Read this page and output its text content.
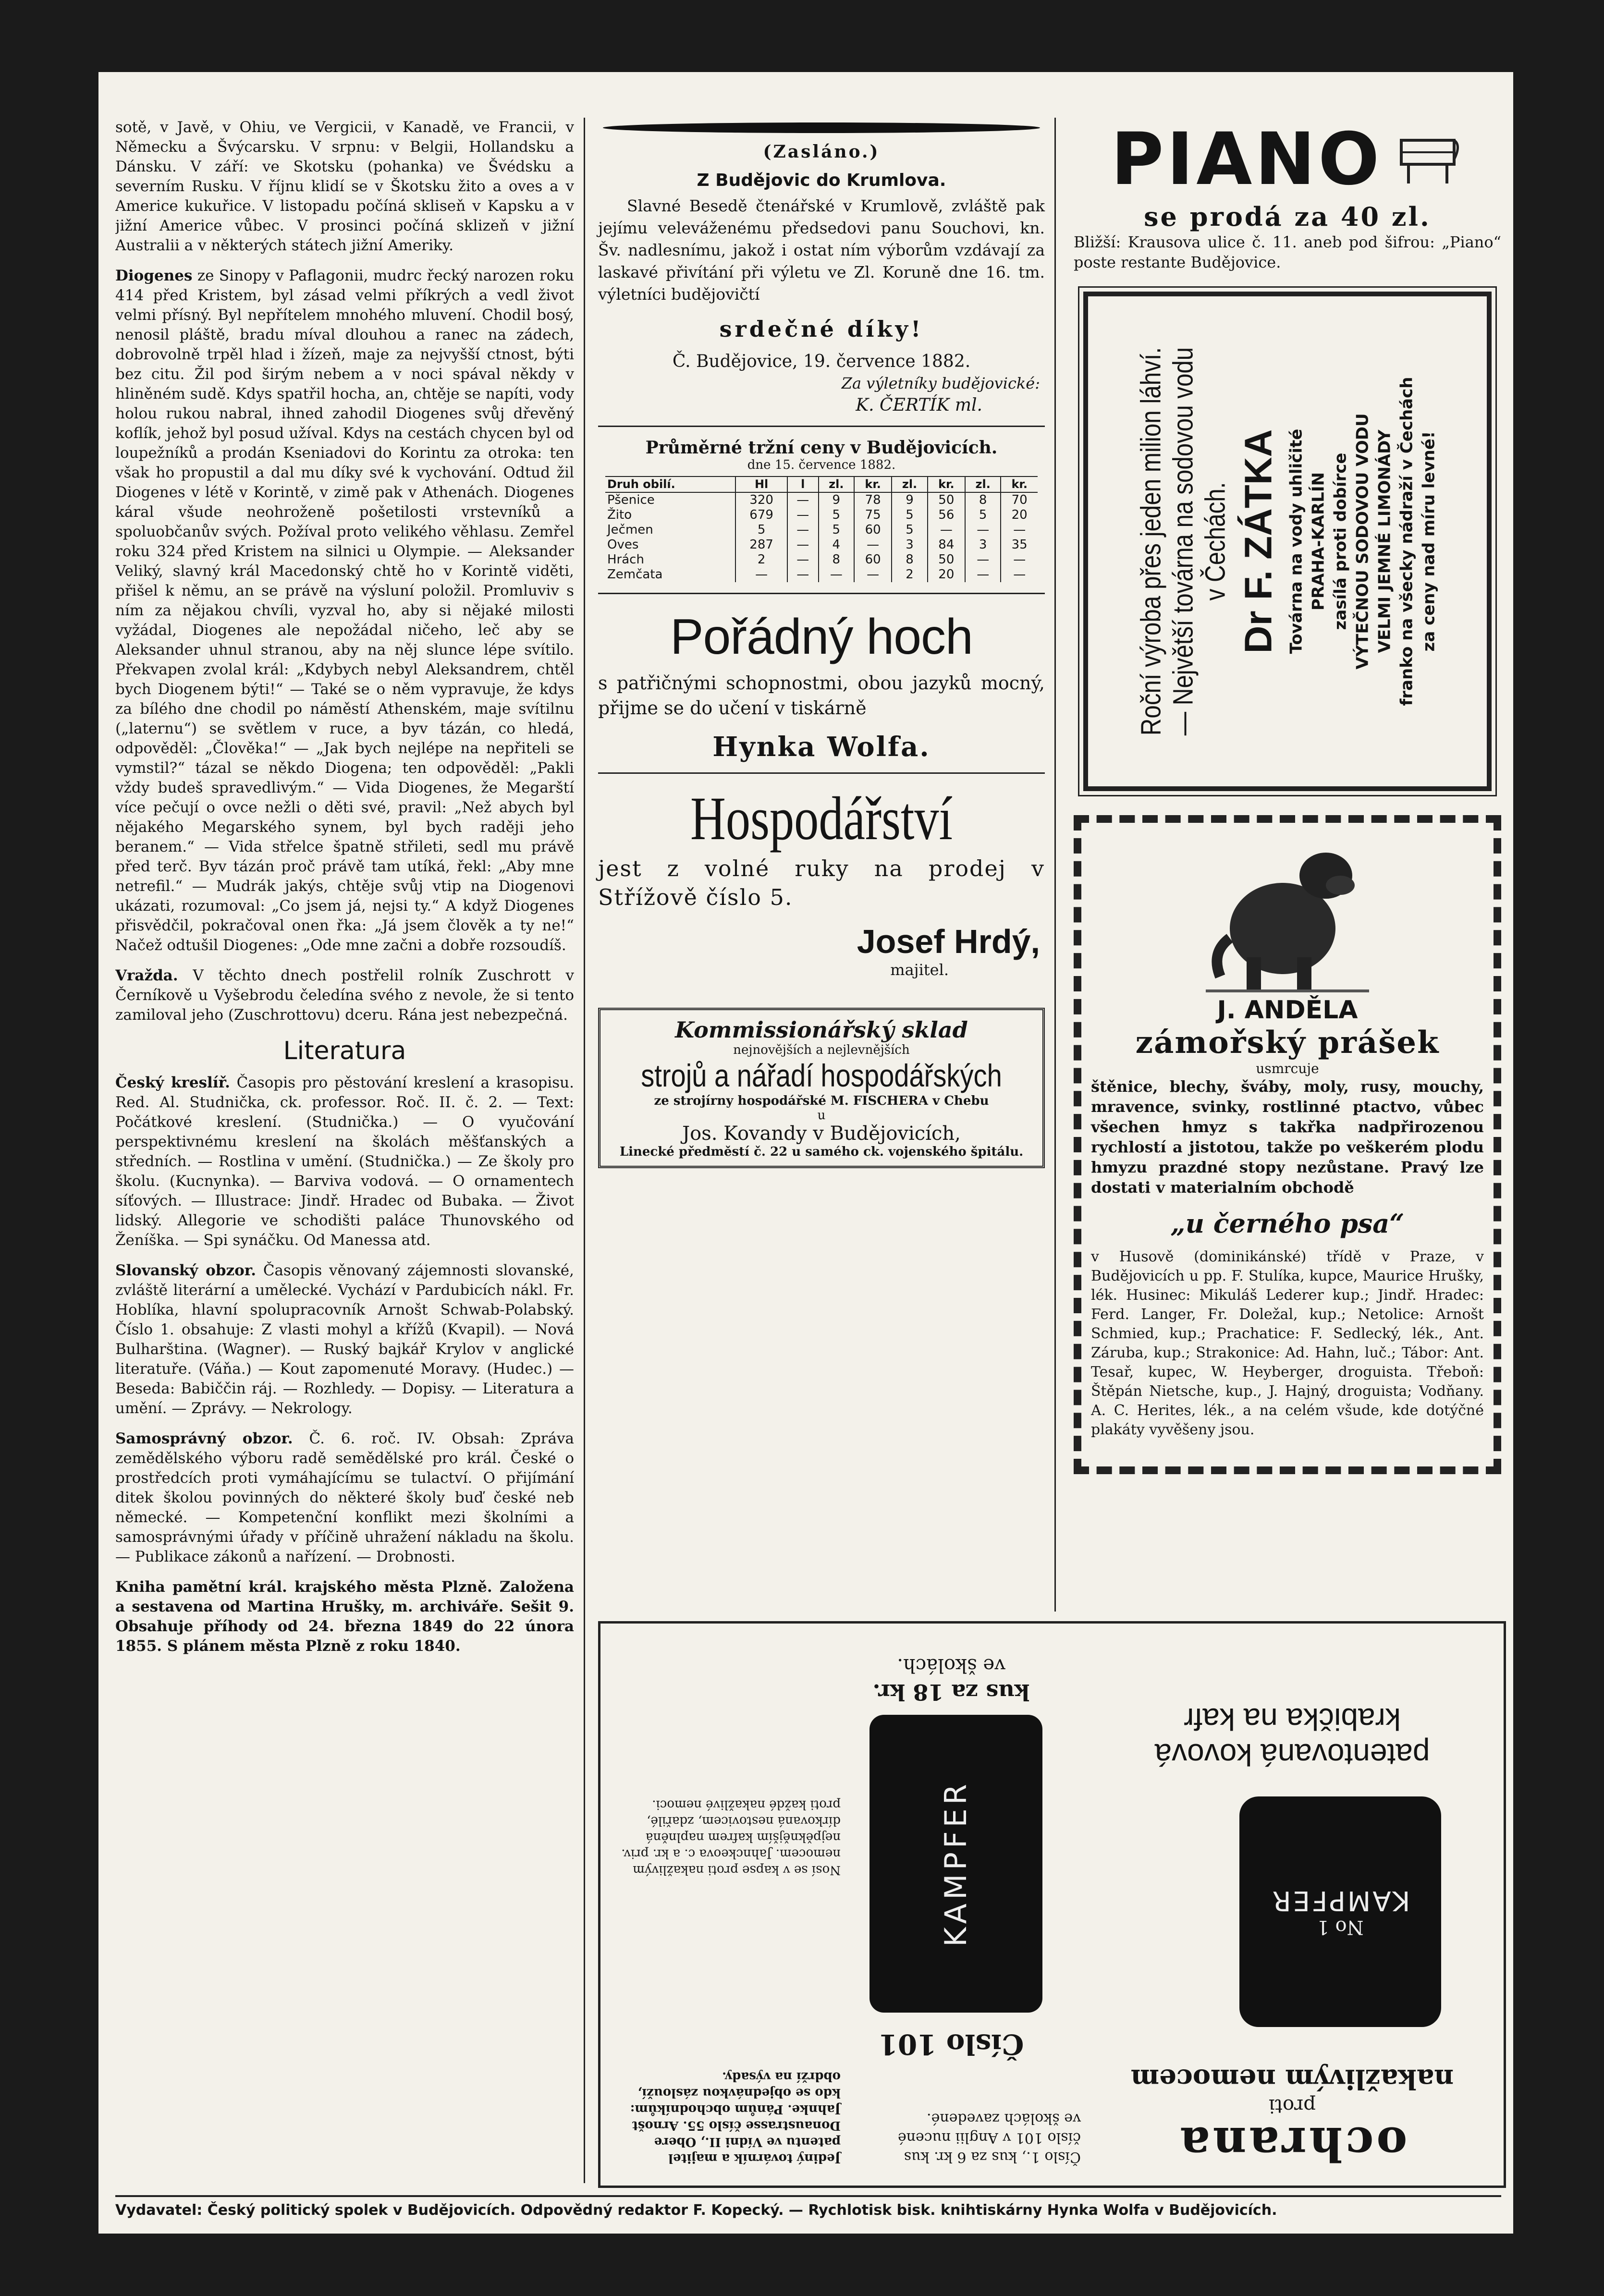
sotě, v Javě, v Ohiu, ve Vergicii, v Kanadě, ve Francii, v Německu a Švýcarsku. V srpnu: v Belgii, Hollandsku a Dánsku. V září: ve Skotsku (pohanka) ve Švédsku a severním Rusku. V říjnu klidí se v Škotsku žito a oves a v Americe kukuřice. V listopadu počíná skliseň v Kapsku a v jižní Americe vůbec. V prosinci počíná sklizeň v jižní Australii a v některých státech jižní Ameriky.

Diogenes ze Sinopy v Paflagonii, mudrc řecký narozen roku 414 před Kristem, byl zásad velmi příkrých a vedl život velmi přísný. Byl nepřítelem mnohého mluvení. Chodil bosý, nenosil pláště, bradu míval dlouhou a ranec na zádech, dobrovolně trpěl hlad i žízeň, maje za nejvyšší ctnost, býti bez citu. Žil pod širým nebem a v noci spával někdy v hliněném sudě. Kdys spatřil hocha, an, chtěje se napíti, vody holou rukou nabral, ihned zahodil Diogenes svůj dřevěný koflík, jehož byl posud užíval. Kdys na cestách chycen byl od loupežníků a prodán Kseniadovi do Korintu za otroka: ten však ho propustil a dal mu díky své k vychování. Odtud žil Diogenes v létě v Korintě, v zimě pak v Athenách. Diogenes káral všude neohroženě pošetilosti vrstevníků a spoluobčanův svých. Požíval proto velikého věhlasu. Zemřel roku 324 před Kristem na silnici u Olympie. — Aleksander Veliký, slavný král Macedonský chtě ho v Korintě viděti, přišel k němu, an se právě na výsluní položil. Promluviv s ním za nějakou chvíli, vyzval ho, aby si nějaké milosti vyžádal, Diogenes ale nepožádal ničeho, leč aby se Aleksander uhnul stranou, aby na něj slunce lépe svítilo. Překvapen zvolal král: „Kdybych nebyl Aleksandrem, chtěl bych Diogenem býti!“ — Také se o něm vypravuje, že kdys za bílého dne chodil po náměstí Athenském, maje svítilnu („laternu“) se světlem v ruce, a byv tázán, co hledá, odpověděl: „Člověka!“ — „Jak bych nejlépe na nepřiteli se vymstil?“ tázal se někdo Diogena; ten odpověděl: „Pakli vždy budeš spravedlivým.“ — Vida Diogenes, že Megarští více pečují o ovce nežli o děti své, pravil: „Než abych byl nějakého Megarského synem, byl bych raději jeho beranem.“ — Vida střelce špatně střileti, sedl mu právě před terč. Byv tázán proč právě tam utíká, řekl: „Aby mne netrefil.“ — Mudrák jakýs, chtěje svůj vtip na Diogenovi ukázati, rozumoval: „Co jsem já, nejsi ty.“ A když Diogenes přisvědčil, pokračoval onen řka: „Já jsem člověk a ty ne!“ Načež odtušil Diogenes: „Ode mne začni a dobře rozsoudíš.

Vražda. V těchto dnech postřelil rolník Zuschrott v Černíkově u Vyšebrodu čeledína svého z nevole, že si tento zamiloval jeho (Zuschrottovu) dceru. Rána jest nebezpečná.

Literatura

Český kreslíř. Časopis pro pěstování kreslení a krasopisu. Red. Al. Studnička, ck. professor. Roč. II. č. 2. — Text: Počátkové kreslení. (Studnička.) — O vyučování perspektivnému kreslení na školách měšťanských a středních. — Rostlina v umění. (Studnička.) — Ze školy pro školu. (Kucnynka). — Barviva vodová. — O ornamentech síťových. — Illustrace: Jindř. Hradec od Bubaka. — Život lidský. Allegorie ve schodišti paláce Thunovského od Ženíška. — Spi synáčku. Od Manessa atd.

Slovanský obzor. Časopis věnovaný zájemnosti slovanské, zvláště literární a umělecké. Vychází v Pardubicích nákl. Fr. Hoblíka, hlavní spolupracovník Arnošt Schwab-Polabský. Číslo 1. obsahuje: Z vlasti mohyl a křížů (Kvapil). — Nová Bulharština. (Wagner). — Ruský bajkář Krylov v anglické literatuře. (Váňa.) — Kout zapomenuté Moravy. (Hudec.) — Beseda: Babiččin ráj. — Rozhledy. — Dopisy. — Literatura a umění. — Zprávy. — Nekrology.

Samosprávný obzor. Č. 6. roč. IV. Obsah: Zpráva zemědělského výboru radě semědělské pro král. České o prostředcích proti vymáhajícímu se tulactví. O přijímání ditek školou povinných do některé školy buď české neb německé. — Kompetenční konflikt mezi školními a samosprávnými úřady v příčině uhražení nákladu na školu. — Publikace zákonů a nařízení. — Drobnosti.

Kniha pamětní král. krajského města Plzně. Založena a sestavena od Martina Hrušky, m. archiváře. Sešit 9. Obsahuje příhody od 24. března 1849 do 22 února 1855. S plánem města Plzně z roku 1840.

(Zasláno.)
Z Budějovic do Krumlova.

Slavné Besedě čtenářské v Krumlově, zvláště pak jejímu veleváženému předsedovi panu Souchovi, kn. Šv. nadlesnímu, jakož i ostat ním výborům vzdávají za laskavé přivítání při výletu ve Zl. Koruně dne 16. tm. výletníci budějovičtí

srdečné díky!
Č. Budějovice, 19. července 1882.
Za výletníky budějovické:
K. ČERTÍK ml.
Průměrné tržní ceny v Budějovicích.
dne 15. července 1882.
Druh obilí.	Hl	l	zl.	kr.	zl.	kr.	zl.	kr.
Pšenice	320	—	9	78	9	50	8	70
Žito	679	—	5	75	5	56	5	20
Ječmen	5	—	5	60	5	—	—	—
Oves	287	—	4	—	3	84	3	35
Hrách	2	—	8	60	8	50	—	—
Zemčata	—	—	—	—	2	20	—	—
Pořádný hoch

s patřičnými schopnostmi, obou jazyků mocný, přijme se do učení v tiskárně

Hynka Wolfa.
Hospodářství

jest z volné ruky na prodej v Střížově číslo 5.

Josef Hrdý,
majitel.
Kommissionářský sklad
nejnovějších a nejlevnějších
strojů a nářadí hospodářských
ze strojírny hospodářské M. FISCHERA v Chebu
u
Jos. Kovandy v Budějovicích,
Linecké předměstí č. 22 u samého ck. vojenského špitálu.
PIANO
se prodá za 40 zl.

Bližší: Krausova ulice č. 11. aneb pod šifrou: „Piano“ poste restante Budějovice.

Roční výroba přes jeden milion láhví. — Největší továrna na sodovou vodu v Čechách. Dr F. ZÁTKA Továrna na vody uhličité PRAHA-KARLÍN zasílá proti dobírce VÝTEČNOU SODOVOU VODU VELMI JEMNÉ LIMONÁDY franko na všecky nádraží v Čechách za ceny nad míru levné!
J. ANDĚLA
zámořský prášek
usmrcuje

štěnice, blechy, šváby, moly, rusy, mouchy, mravence, svinky, rostlinné ptactvo, vůbec všechen hmyz s takřka nadpřirozenou rychlostí a jistotou, takže po veškerém plodu hmyzu prazdné stopy nezůstane. Pravý lze dostati v materialním obchodě

„u černého psa“

v Husově (dominikánské) třídě v Praze, v Budějovicích u pp. F. Stulíka, kupce, Maurice Hrušky, lék. Husinec: Mikuláš Lederer kup.; Jindř. Hradec: Ferd. Langer, Fr. Doležal, kup.; Netolice: Arnošt Schmied, kup.; Prachatice: F. Sedlecký, lék., Ant. Záruba, kup.; Strakonice: Ad. Hahn, luč.; Tábor: Ant. Tesař, kupec, W. Heyberger, droguista. Třeboň: Štěpán Nietsche, kup., J. Hajný, droguista; Vodňany. A. C. Herites, lék., a na celém všude, kde dotýčné plakáty vyvěšeny jsou.

ochrana
proti
nakažlivým nemocem
No 1
KAMPFER
patentovaná kovová krabička na kafr
Číslo 1., kus za 6 kr. kus číslo 101 v Anglii nucené ve školách zavedené.
Číslo 101
KAMPFER
kus za 18 kr.
ve školách.
Jediný továrník a majitel patentu ve Vídni II., Obere Donaustrasse číslo 55. Arnošt Jahnke. Pánům obchodníkům: kdo se objednávkou záslouží, obdrží na výsady.
Nosí se v kapse proti nakažlivým nemocem. Jahnckeova c. a kr. priv. nejpěknějším kafrem naplněná dírkovaná nestovicem, zdařilé, proti každé nakažlivé nemoci.
Vydavatel: Český politický spolek v Budějovicích. Odpovědný redaktor F. Kopecký. — Rychlotisk bisk. knihtiskárny Hynka Wolfa v Budějovicích.
